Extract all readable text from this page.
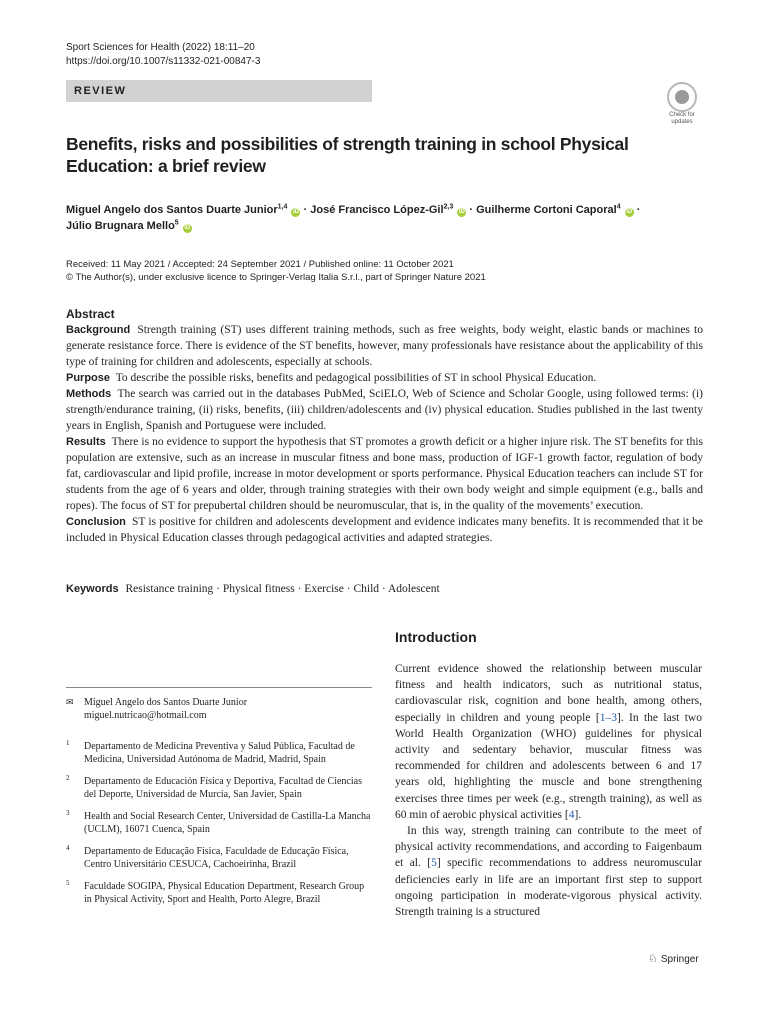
Sport Sciences for Health (2022) 18:11–20
https://doi.org/10.1007/s11332-021-00847-3
REVIEW
Check for
updates
Benefits, risks and possibilities of strength training in school Physical Education: a brief review
Miguel Angelo dos Santos Duarte Junior$^{1,4}$ iD · José Francisco López-Gil$^{2,3}$ iD · Guilherme Cortoni Caporal$^4$ iD ·
Júlio Brugnara Mello$^5$ iD
Received: 11 May 2021 / Accepted: 24 September 2021 / Published online: 11 October 2021
© The Author(s), under exclusive licence to Springer-Verlag Italia S.r.l., part of Springer Nature 2021
Abstract

Background Strength training (ST) uses different training methods, such as free weights, body weight, elastic bands or machines to generate resistance force. There is evidence of the ST benefits, however, many professionals have resistance about the applicability of this type of training for children and adolescents, especially at schools.

Purpose To describe the possible risks, benefits and pedagogical possibilities of ST in school Physical Education.

Methods The search was carried out in the databases PubMed, SciELO, Web of Science and Scholar Google, using followed terms: (i) strength/endurance training, (ii) risks, benefits, (iii) children/adolescents and (iv) physical education. Studies published in the last twenty years in English, Spanish and Portuguese were included.

Results There is no evidence to support the hypothesis that ST promotes a growth deficit or a higher injure risk. The ST benefits for this population are extensive, such as an increase in muscular fitness and bone mass, production of IGF-1 growth factor, regulation of body fat, cardiovascular and lipid profile, increase in motor development or sports performance. Physical Education teachers can include ST for students from the age of 6 years and older, through training strategies with their own body weight and simple equipment (e.g., balls and ropes). The focus of ST for prepubertal children should be neuromuscular, that is, in the quality of the movements’ execution.

Conclusion ST is positive for children and adolescents development and evidence indicates many benefits. It is recommended that it be included in Physical Education classes through pedagogical activities and adapted strategies.

Keywords Resistance training · Physical fitness · Exercise · Child · Adolescent
Introduction

Current evidence showed the relationship between muscular fitness and health indicators, such as nutritional status, cardiovascular risk, cognition and bone health, among others, especially in children and young people [1–3]. In the last two World Health Organization (WHO) guidelines for physical activity and sedentary behavior, muscular fitness was recommended for children and adolescents between 6 and 17 years old, highlighting the muscle and bone strengthening exercises three times per week (e.g., strength training), as well as 60 min of aerobic physical activities [4].

In this way, strength training can contribute to the meet of physical activity recommendations, and according to Faigenbaum et al. [5] specific recommendations to address neuromuscular deficiencies early in life are an important first step to support ongoing participation in moderate-vigorous physical activity. Strength training is a structured

✉ Miguel Angelo dos Santos Duarte Junior
miguel.nutricao@hotmail.com
1 Departamento de Medicina Preventiva y Salud Pública, Facultad de Medicina, Universidad Autónoma de Madrid, Madrid, Spain
2 Departamento de Educación Física y Deportiva, Facultad de Ciencias del Deporte, Universidad de Murcia, San Javier, Spain
3 Health and Social Research Center, Universidad de Castilla-La Mancha (UCLM), 16071 Cuenca, Spain
4 Departamento de Educação Física, Faculdade de Educação Física, Centro Universitário CESUCA, Cachoeirinha, Brazil
5 Faculdade SOGIPA, Physical Education Department, Research Group in Physical Activity, Sport and Health, Porto Alegre, Brazil
♘ Springer
